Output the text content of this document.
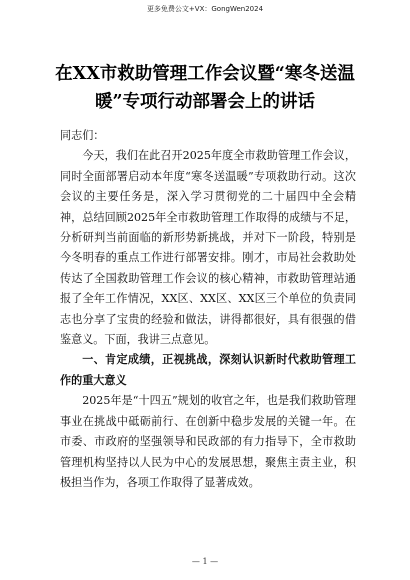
更多免费公文+VX：GongWen2024
在XX市救助管理工作会议暨“寒冬送温
暖”专项行动部署会上的讲话

同志们：

今天，我们在此召开2025年度全市救助管理工作会议，同时全面部署启动本年度“寒冬送温暖”专项救助行动。这次会议的主要任务是，深入学习贯彻党的二十届四中全会精神，总结回顾2025年全市救助管理工作取得的成绩与不足，分析研判当前面临的新形势新挑战，并对下一阶段，特别是今冬明春的重点工作进行部署安排。刚才，市局社会救助处传达了全国救助管理工作会议的核心精神，市救助管理站通报了全年工作情况，XX区、XX区、XX区三个单位的负责同志也分享了宝贵的经验和做法，讲得都很好，具有很强的借鉴意义。下面，我讲三点意见。

一、肯定成绩，正视挑战，深刻认识新时代救助管理工作的重大意义

2025年是“十四五”规划的收官之年，也是我们救助管理事业在挑战中砥砺前行、在创新中稳步发展的关键一年。在市委、市政府的坚强领导和民政部的有力指导下，全市救助管理机构坚持以人民为中心的发展思想，聚焦主责主业，积极担当作为，各项工作取得了显著成效。

— 1 —
